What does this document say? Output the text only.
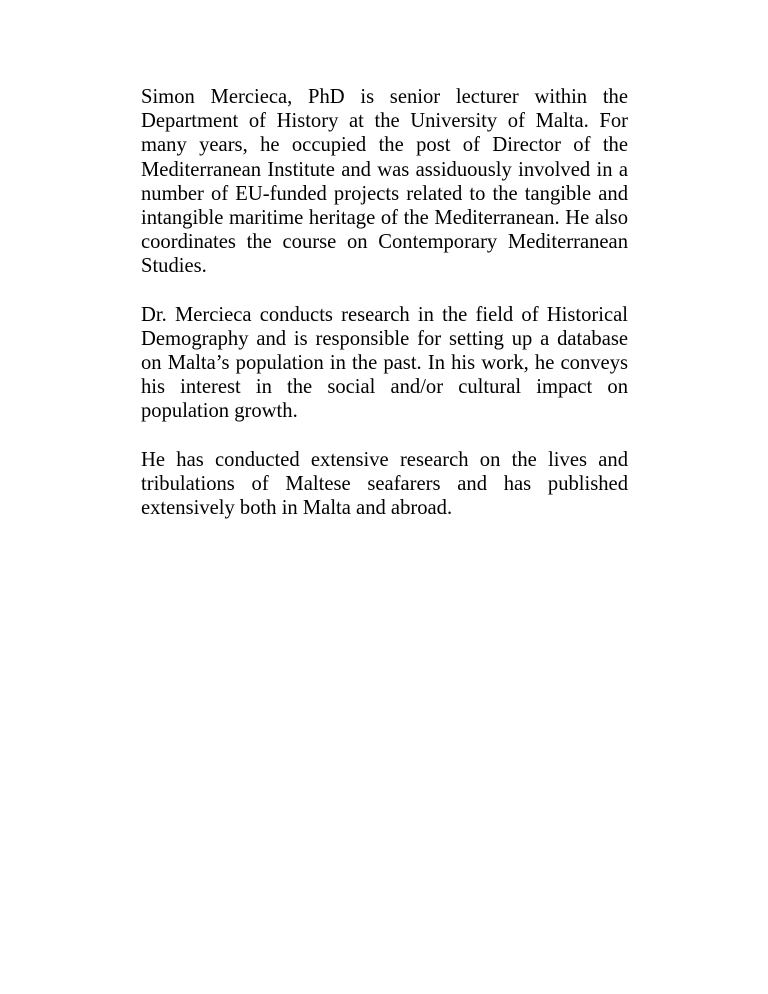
Simon Mercieca, PhD is senior lecturer within the Department of History at the University of Malta. For many years, he occupied the post of Director of the Mediterranean Institute and was assiduously involved in a number of EU-funded projects related to the tangible and intangible maritime heritage of the Mediterranean. He also coordinates the course on Contemporary Mediterranean Studies.

Dr. Mercieca conducts research in the field of Historical Demography and is responsible for setting up a database on Malta’s population in the past. In his work, he conveys his interest in the social and/or cultural impact on population growth.

He has conducted extensive research on the lives and tribulations of Maltese seafarers and has published extensively both in Malta and abroad.
